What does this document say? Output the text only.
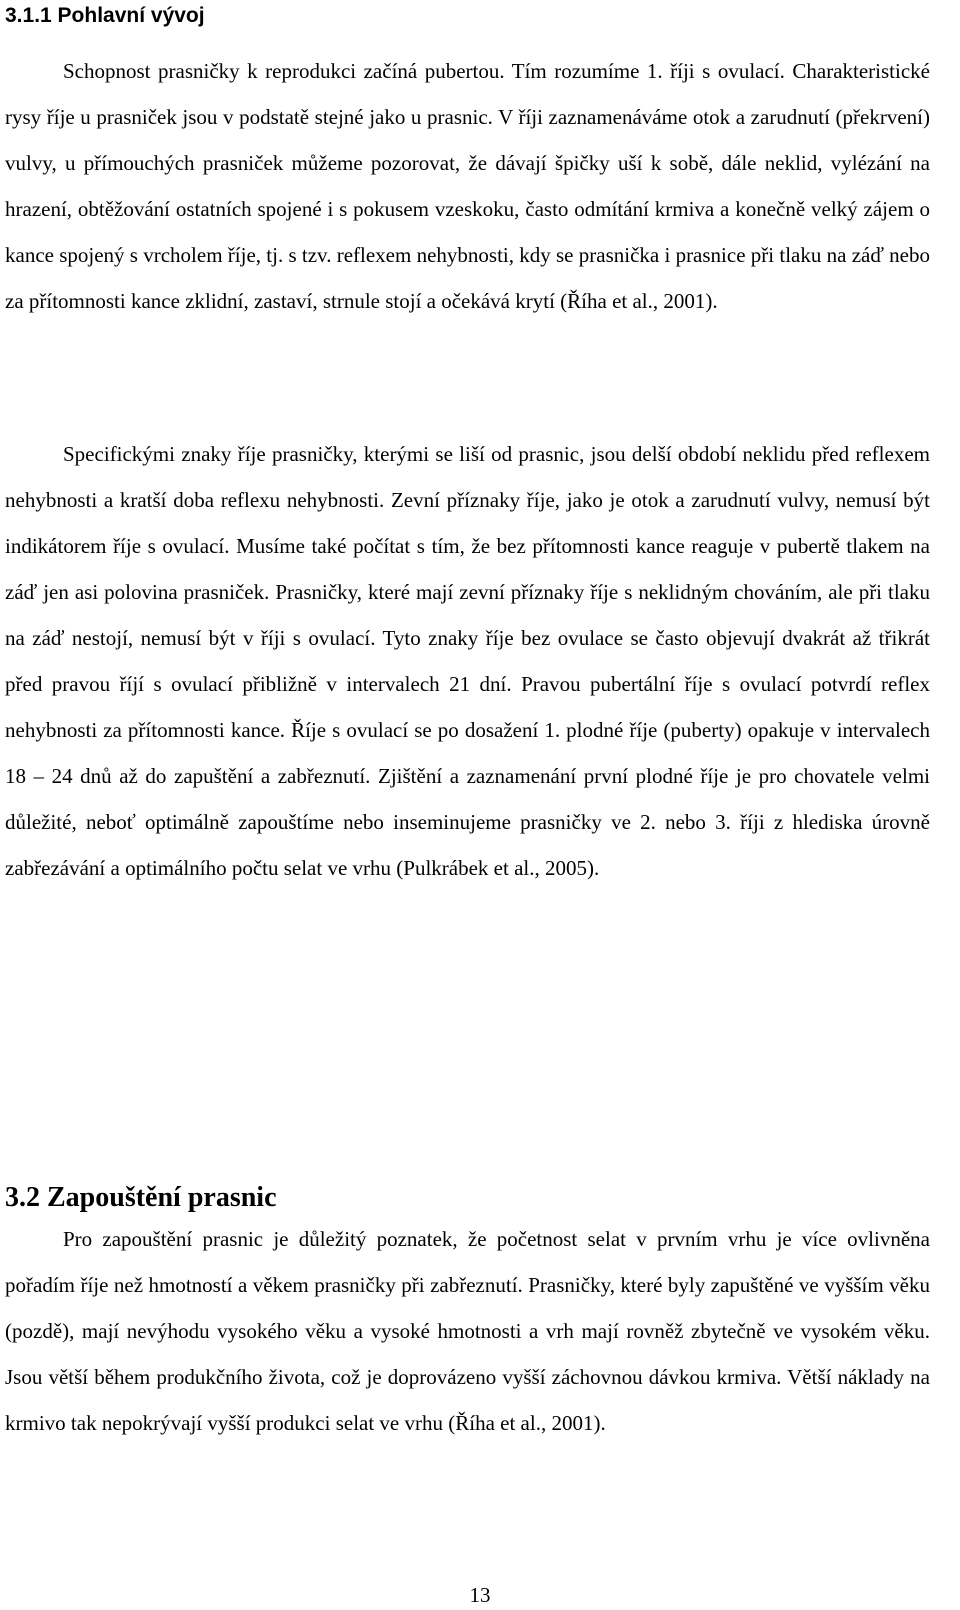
3.1.1 Pohlavní vývoj

Schopnost prasničky k reprodukci začíná pubertou. Tím rozumíme 1. říji s ovulací. Charakteristické rysy říje u prasniček jsou v podstatě stejné jako u prasnic. V říji zaznamenáváme otok a zarudnutí (překrvení) vulvy, u přímouchých prasniček můžeme pozorovat, že dávají špičky uší k sobě, dále neklid, vylézání na hrazení, obtěžování ostatních spojené i s pokusem vzeskoku, často odmítání krmiva a konečně velký zájem o kance spojený s vrcholem říje, tj. s tzv. reflexem nehybnosti, kdy se prasnička i prasnice při tlaku na záď nebo za přítomnosti kance zklidní, zastaví, strnule stojí a očekává krytí (Říha et al., 2001).

Specifickými znaky říje prasničky, kterými se liší od prasnic, jsou delší období neklidu před reflexem nehybnosti a kratší doba reflexu nehybnosti. Zevní příznaky říje, jako je otok a zarudnutí vulvy, nemusí být indikátorem říje s ovulací. Musíme také počítat s tím, že bez přítomnosti kance reaguje v pubertě tlakem na záď jen asi polovina prasniček. Prasničky, které mají zevní příznaky říje s neklidným chováním, ale při tlaku na záď nestojí, nemusí být v říji s ovulací. Tyto znaky říje bez ovulace se často objevují dvakrát až třikrát před pravou říjí s ovulací přibližně v intervalech 21 dní. Pravou pubertální říje s ovulací potvrdí reflex nehybnosti za přítomnosti kance. Říje s ovulací se po dosažení 1. plodné říje (puberty) opakuje v intervalech 18 – 24 dnů až do zapuštění a zabřeznutí. Zjištění a zaznamenání první plodné říje je pro chovatele velmi důležité, neboť optimálně zapouštíme nebo inseminujeme prasničky ve 2. nebo 3. říji z hlediska úrovně zabřezávání a optimálního počtu selat ve vrhu (Pulkrábek et al., 2005).

3.2 Zapouštění prasnic

Pro zapouštění prasnic je důležitý poznatek, že početnost selat v prvním vrhu je více ovlivněna pořadím říje než hmotností a věkem prasničky při zabřeznutí. Prasničky, které byly zapuštěné ve vyšším věku (pozdě), mají nevýhodu vysokého věku a vysoké hmotnosti a vrh mají rovněž zbytečně ve vysokém věku. Jsou větší během produkčního života, což je doprovázeno vyšší záchovnou dávkou krmiva. Větší náklady na krmivo tak nepokrývají vyšší produkci selat ve vrhu (Říha et al., 2001).

13
